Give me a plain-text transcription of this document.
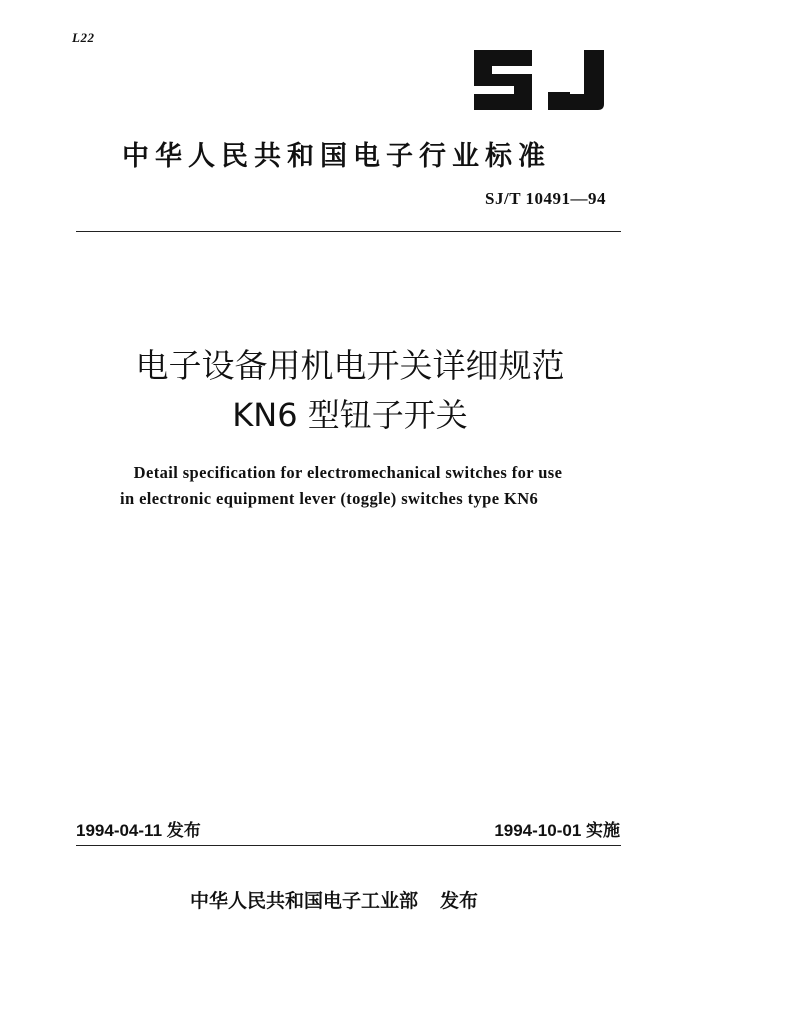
L22
中华人民共和国电子行业标准
SJ/T 10491—94
电子设备用机电开关详细规范
KN6 型钮子开关
Detail specification for electromechanical switches for use
in electronic equipment lever (toggle) switches type KN6
1994-04-11 发布	1994-10-01 实施
中华人民共和国电子工业部 发布
